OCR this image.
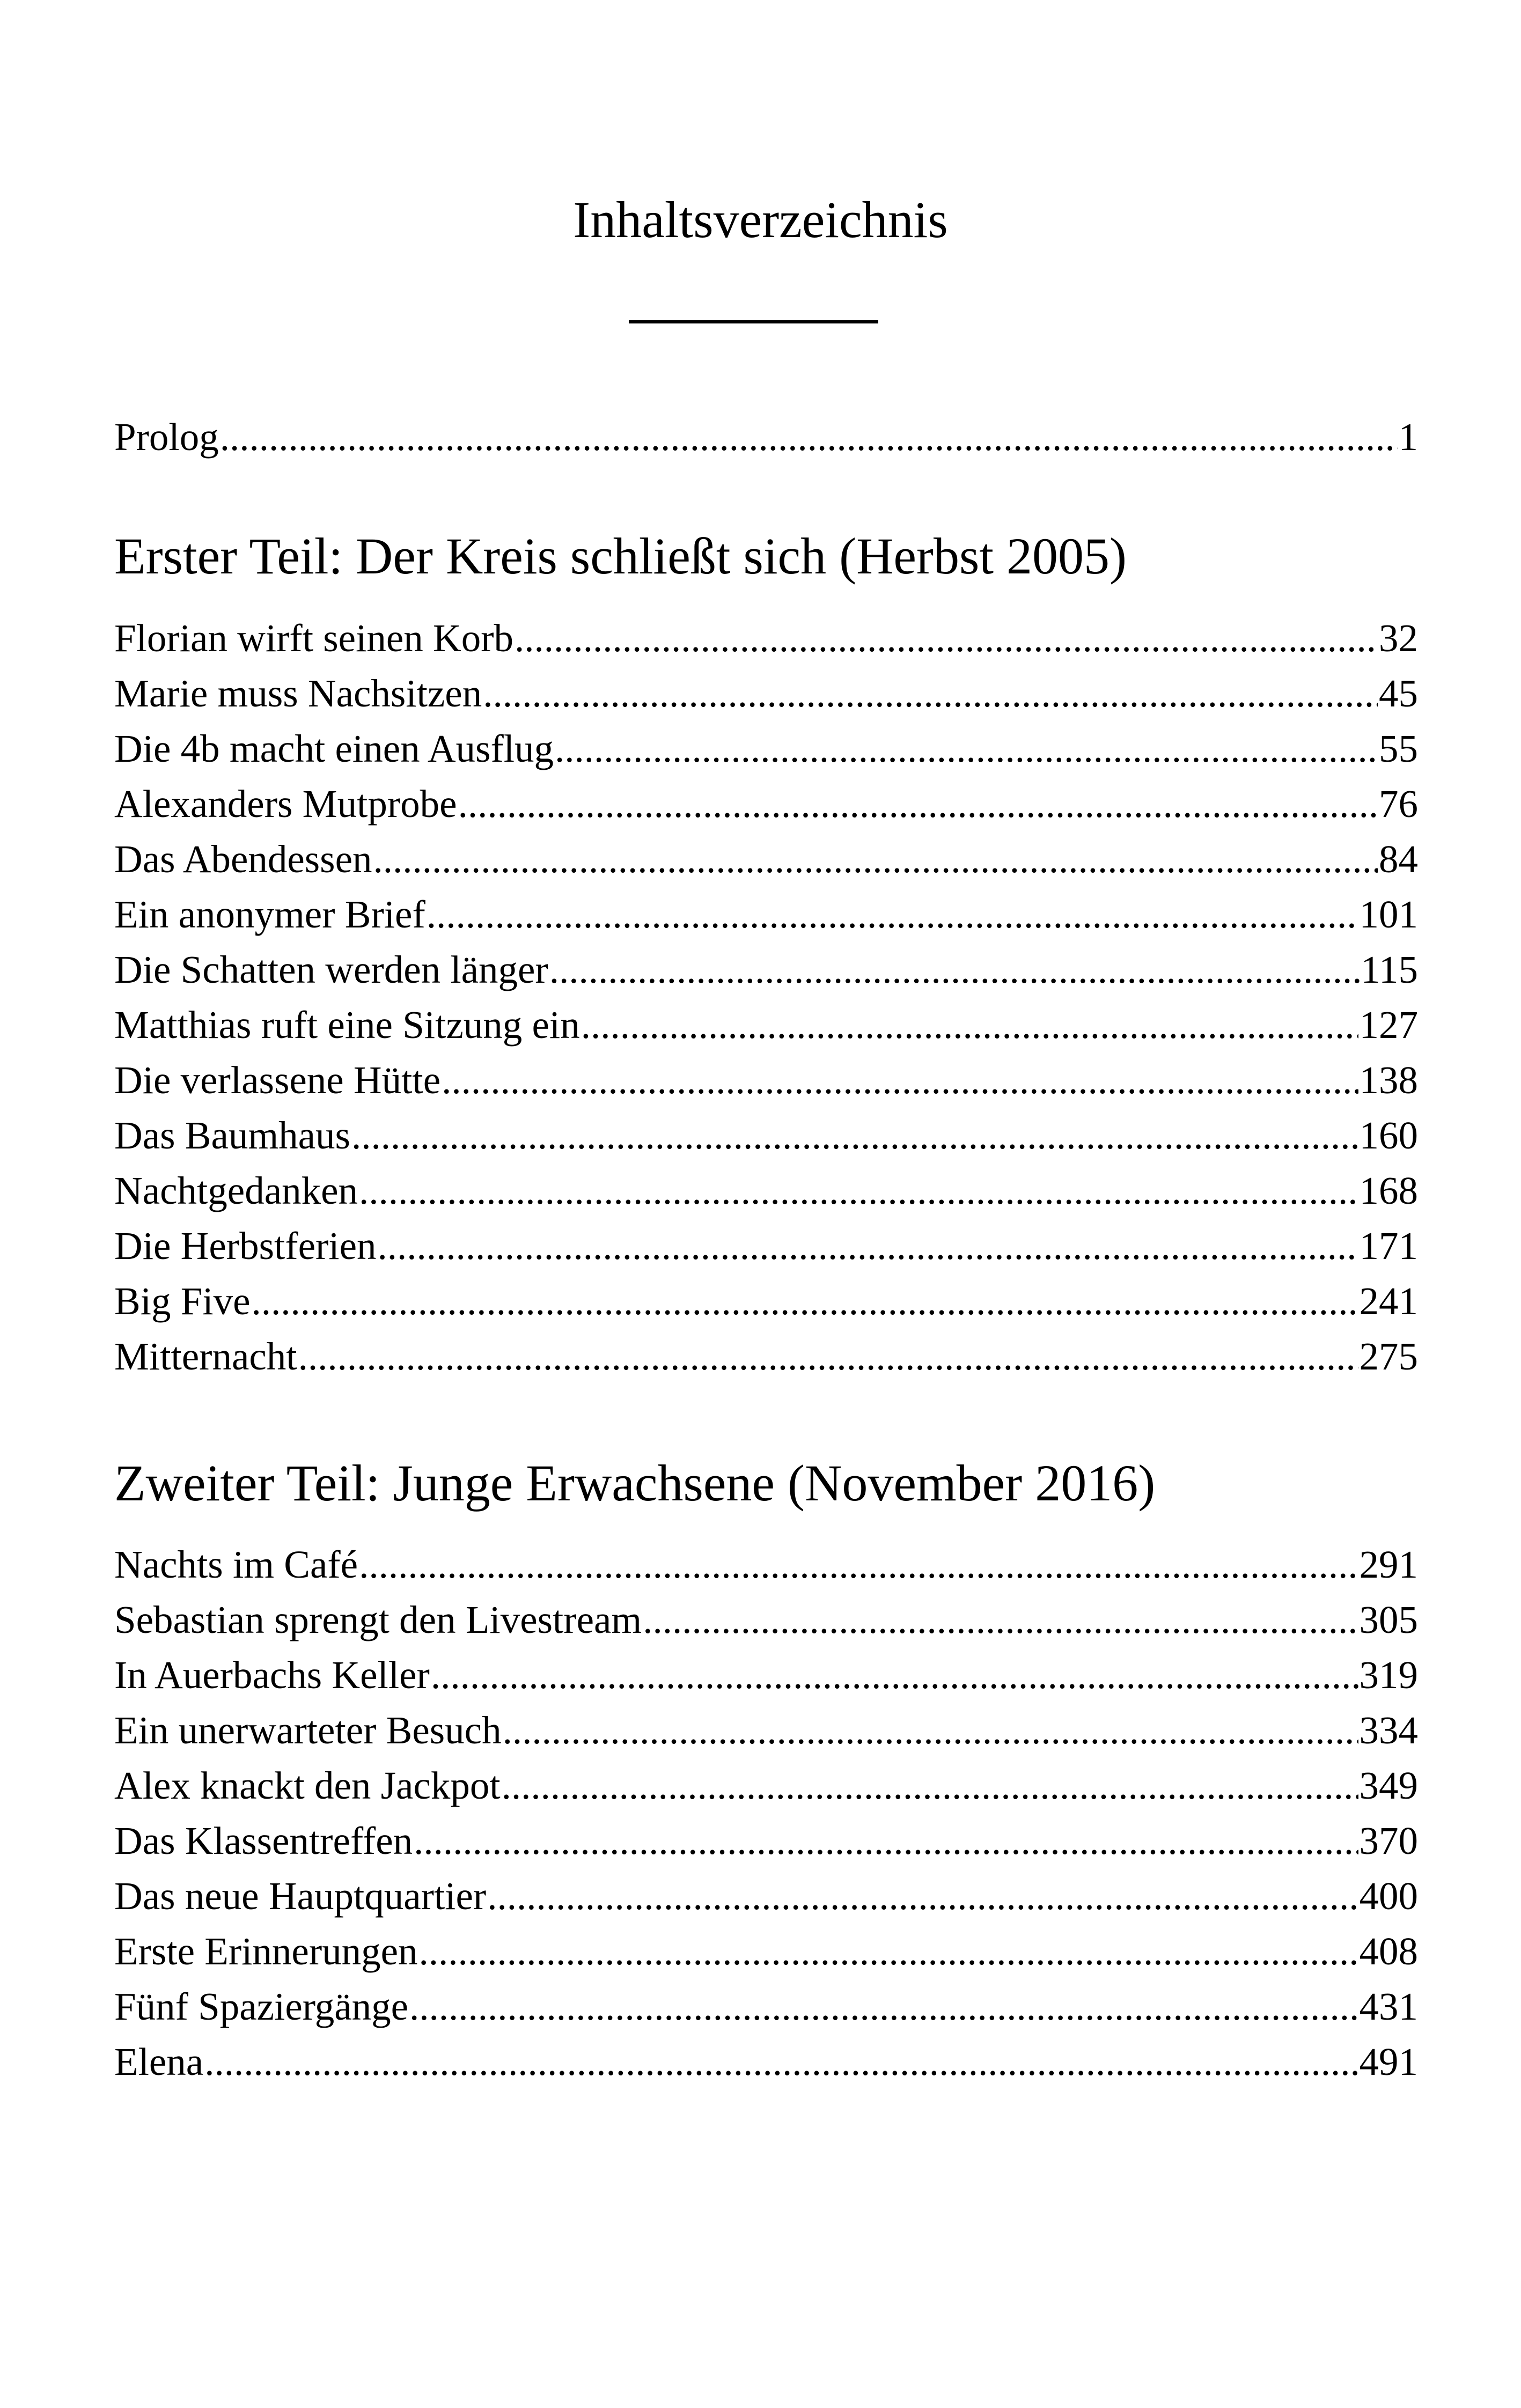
Inhaltsverzeichnis
Prolog .....	1
Erster Teil: Der Kreis schließt sich (Herbst 2005)
Florian wirft seinen Korb .....	32
Marie muss Nachsitzen .....	45
Die 4b macht einen Ausflug .....	55
Alexanders Mutprobe .....	76
Das Abendessen .....	84
Ein anonymer Brief .....	101
Die Schatten werden länger .....	115
Matthias ruft eine Sitzung ein .....	127
Die verlassene Hütte .....	138
Das Baumhaus .....	160
Nachtgedanken .....	168
Die Herbstferien .....	171
Big Five .....	241
Mitternacht .....	275
Zweiter Teil: Junge Erwachsene (November 2016)
Nachts im Café .....	291
Sebastian sprengt den Livestream .....	305
In Auerbachs Keller .....	319
Ein unerwarteter Besuch .....	334
Alex knackt den Jackpot .....	349
Das Klassentreffen .....	370
Das neue Hauptquartier .....	400
Erste Erinnerungen .....	408
Fünf Spaziergänge .....	431
Elena .....	491
